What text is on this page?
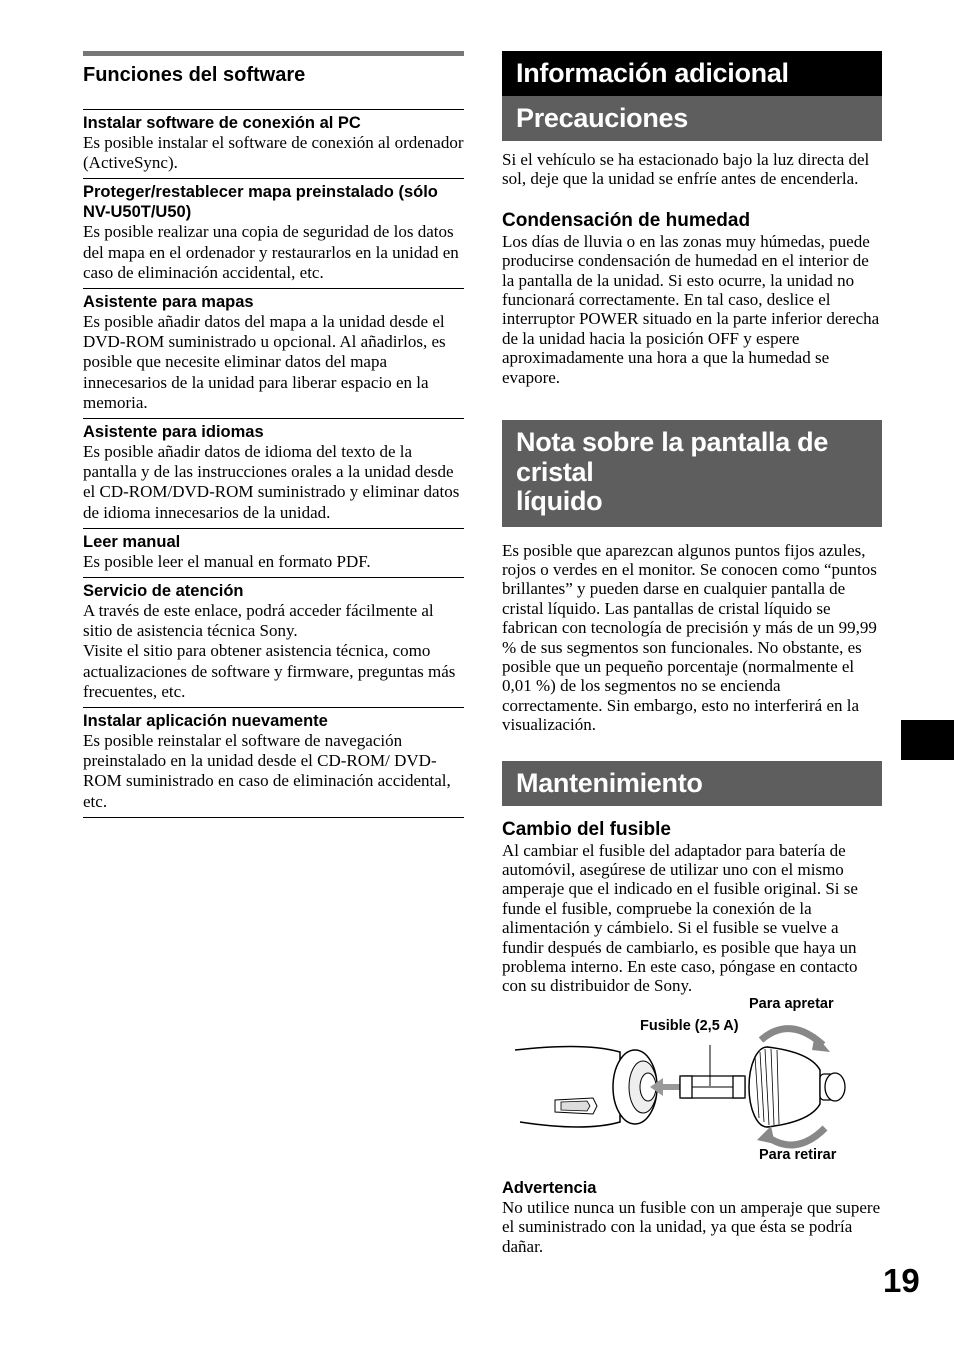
Funciones del software
Instalar software de conexión al PC
Es posible instalar el software de conexión al ordenador (ActiveSync).
Proteger/restablecer mapa preinstalado (sólo NV-U50T/U50)
Es posible realizar una copia de seguridad de los datos del mapa en el ordenador y restaurarlos en la unidad en caso de eliminación accidental, etc.
Asistente para mapas
Es posible añadir datos del mapa a la unidad desde el DVD-ROM suministrado u opcional. Al añadirlos, es posible que necesite eliminar datos del mapa innecesarios de la unidad para liberar espacio en la memoria.
Asistente para idiomas
Es posible añadir datos de idioma del texto de la pantalla y de las instrucciones orales a la unidad desde el CD-ROM/DVD-ROM suministrado y eliminar datos de idioma innecesarios de la unidad.
Leer manual
Es posible leer el manual en formato PDF.
Servicio de atención
A través de este enlace, podrá acceder fácilmente al sitio de asistencia técnica Sony.
Visite el sitio para obtener asistencia técnica, como actualizaciones de software y firmware, preguntas más frecuentes, etc.
Instalar aplicación nuevamente
Es posible reinstalar el software de navegación preinstalado en la unidad desde el CD-ROM/ DVD-ROM suministrado en caso de eliminación accidental, etc.
Información adicional
Precauciones
Si el vehículo se ha estacionado bajo la luz directa del sol, deje que la unidad se enfríe antes de encenderla.
Condensación de humedad
Los días de lluvia o en las zonas muy húmedas, puede producirse condensación de humedad en el interior de la pantalla de la unidad. Si esto ocurre, la unidad no funcionará correctamente. En tal caso, deslice el interruptor POWER situado en la parte inferior derecha de la unidad hacia la posición OFF y espere aproximadamente una hora a que la humedad se evapore.
Nota sobre la pantalla de cristal
líquido
Es posible que aparezcan algunos puntos fijos azules, rojos o verdes en el monitor. Se conocen como “puntos brillantes” y pueden darse en cualquier pantalla de cristal líquido. Las pantallas de cristal líquido se fabrican con tecnología de precisión y más de un 99,99 % de sus segmentos son funcionales. No obstante, es posible que un pequeño porcentaje (normalmente el 0,01 %) de los segmentos no se encienda correctamente. Sin embargo, esto no interferirá en la visualización.
Mantenimiento
Cambio del fusible
Al cambiar el fusible del adaptador para batería de automóvil, asegúrese de utilizar uno con el mismo amperaje que el indicado en el fusible original. Si se funde el fusible, compruebe la conexión de la alimentación y cámbielo. Si el fusible se vuelve a fundir después de cambiarlo, es posible que haya un problema interno. En este caso, póngase en contacto con su distribuidor de Sony.
Para apretar
Fusible (2,5 A)
Para retirar
Advertencia
No utilice nunca un fusible con un amperaje que supere el suministrado con la unidad, ya que ésta se podría dañar.
19
